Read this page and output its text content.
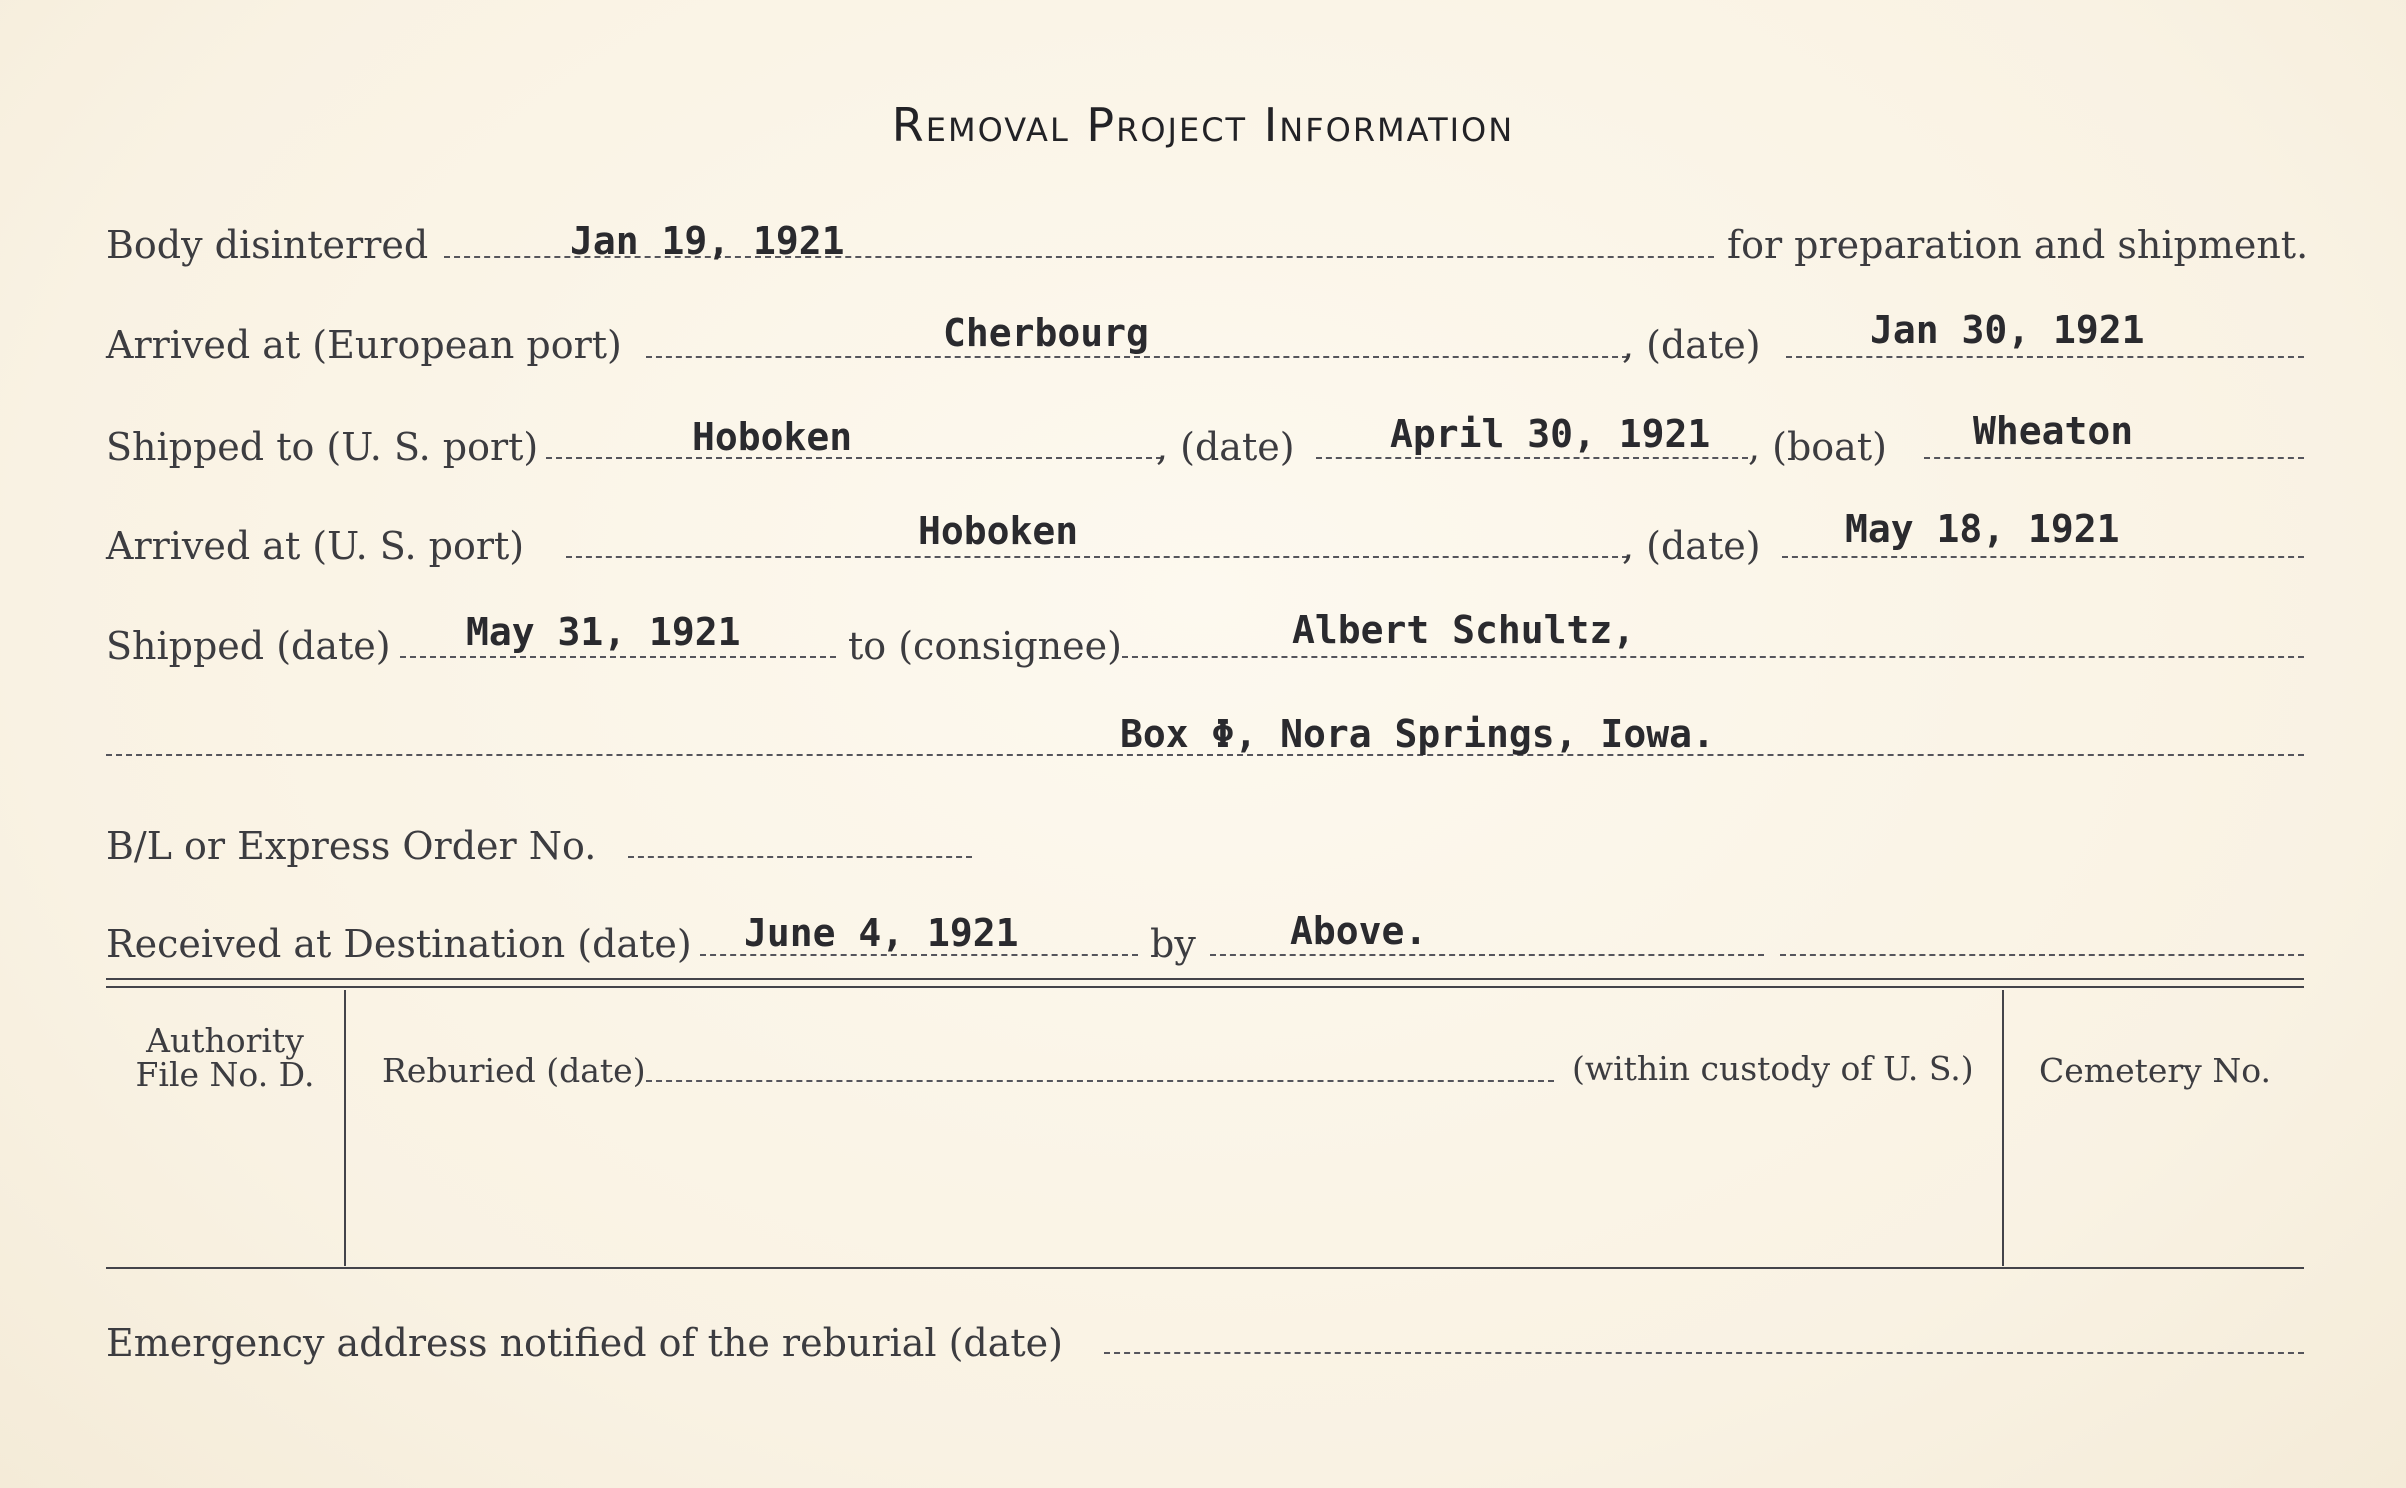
Removal Project Information
Body disinterred	Jan 19, 1921	for preparation and shipment.
Arrived at (European port)	Cherbourg	, (date)	Jan 30, 1921
Shipped to (U. S. port)	Hoboken	, (date)	April 30, 1921 , (boat) Wheaton
Arrived at (U. S. port)	Hoboken	, (date) May 18, 1921
Shipped (date) May 31, 1921	to (consignee)	Albert Schultz,
Box Φ, Nora Springs, Iowa.
B/L or Express Order No.
Received at Destination (date) June 4, 1921	by Above.
Authority
File No. D.	Reburied (date)	(within custody of U. S.)	Cemetery No.
Emergency address notified of the reburial (date)
